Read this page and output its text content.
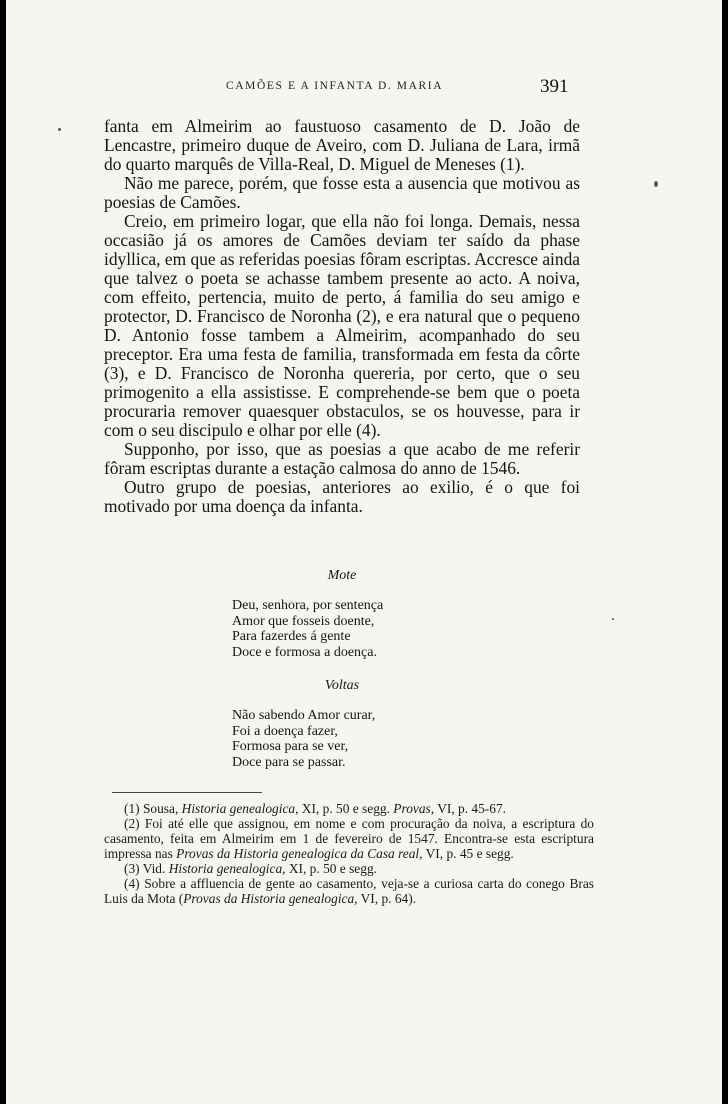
CAMÕES E A INFANTA D. MARIA	391

fanta em Almeirim ao faustuoso casamento de D. João de Lencastre, primeiro duque de Aveiro, com D. Juliana de Lara, irmã do quarto marquês de Villa-Real, D. Miguel de Meneses (1).

Não me parece, porém, que fosse esta a ausencia que motivou as poesias de Camões.

Creio, em primeiro logar, que ella não foi longa. Demais, nessa occasião já os amores de Camões deviam ter saído da phase idyllica, em que as referidas poesias fôram escriptas. Accresce ainda que talvez o poeta se achasse tambem presente ao acto. A noiva, com effeito, pertencia, muito de perto, á familia do seu amigo e protector, D. Francisco de Noronha (2), e era natural que o pequeno D. Antonio fosse tambem a Almeirim, acompanhado do seu preceptor. Era uma festa de familia, transformada em festa da côrte (3), e D. Francisco de Noronha quereria, por certo, que o seu primogenito a ella assistisse. E comprehende-se bem que o poeta procuraria remover quaesquer obstaculos, se os houvesse, para ir com o seu discipulo e olhar por elle (4).

Supponho, por isso, que as poesias a que acabo de me referir fôram escriptas durante a estação calmosa do anno de 1546.

Outro grupo de poesias, anteriores ao exilio, é o que foi motivado por uma doença da infanta.

Mote
Deu, senhora, por sentença
Amor que fosseis doente,
Para fazerdes á gente
Doce e formosa a doença.
Voltas
Não sabendo Amor curar,
Foi a doença fazer,
Formosa para se ver,
Doce para se passar.

(1) Sousa, Historia genealogica, XI, p. 50 e segg. Provas, VI, p. 45-67.

(2) Foi até elle que assignou, em nome e com procuração da noiva, a escriptura do casamento, feita em Almeirim em 1 de fevereiro de 1547. Encontra-se esta escriptura impressa nas Provas da Historia genealogica da Casa real, VI, p. 45 e segg.

(3) Vid. Historia genealogica, XI, p. 50 e segg.

(4) Sobre a affluencia de gente ao casamento, veja-se a curiosa carta do conego Bras Luis da Mota (Provas da Historia genealogica, VI, p. 64).
